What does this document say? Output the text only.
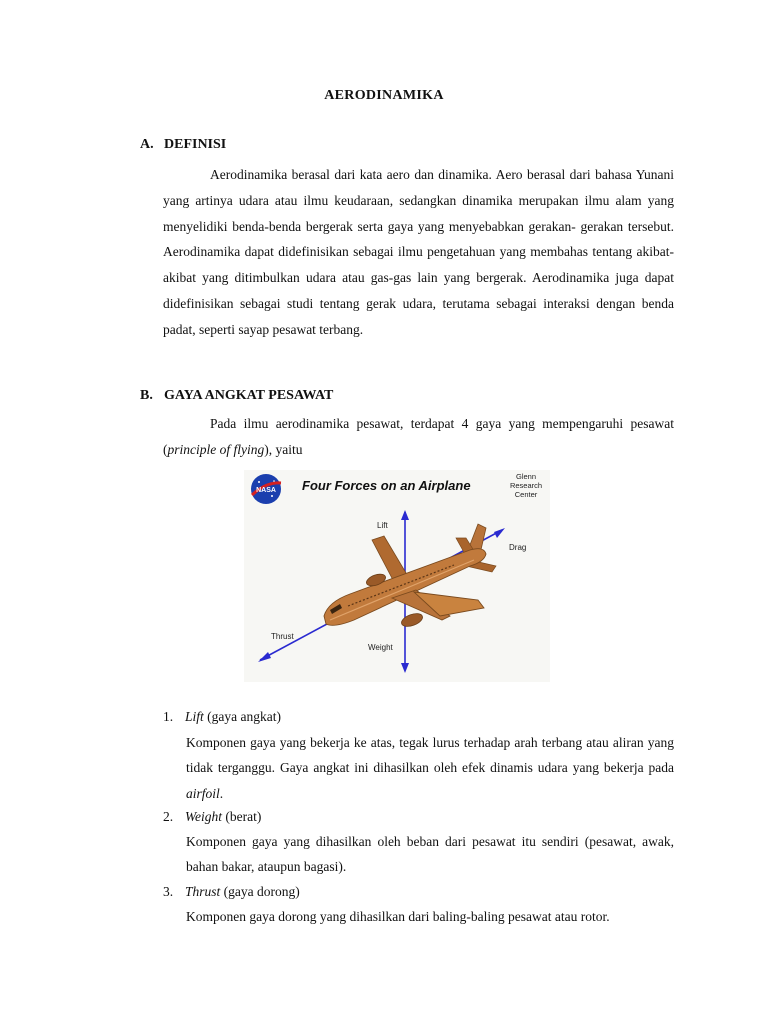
AERODINAMIKA
A. DEFINISI

Aerodinamika berasal dari kata aero dan dinamika. Aero berasal dari bahasa Yunani yang artinya udara atau ilmu keudaraan, sedangkan dinamika merupakan ilmu alam yang menyelidiki benda-benda bergerak serta gaya yang menyebabkan gerakan- gerakan tersebut. Aerodinamika dapat didefinisikan sebagai ilmu pengetahuan yang membahas tentang akibat-akibat yang ditimbulkan udara atau gas-gas lain yang bergerak. Aerodinamika juga dapat didefinisikan sebagai studi tentang gerak udara, terutama sebagai interaksi dengan benda padat, seperti sayap pesawat terbang.

B. GAYA ANGKAT PESAWAT

Pada ilmu aerodinamika pesawat, terdapat 4 gaya yang mempengaruhi pesawat (principle of flying), yaitu

NASA Four Forces on an Airplane
Glenn
Research
Center
Lift
Drag
Thrust
Weight
1. Lift (gaya angkat)

Komponen gaya yang bekerja ke atas, tegak lurus terhadap arah terbang atau aliran yang tidak terganggu. Gaya angkat ini dihasilkan oleh efek dinamis udara yang bekerja pada airfoil.

2. Weight (berat)

Komponen gaya yang dihasilkan oleh beban dari pesawat itu sendiri (pesawat, awak, bahan bakar, ataupun bagasi).

3. Thrust (gaya dorong)

Komponen gaya dorong yang dihasilkan dari baling-baling pesawat atau rotor.
